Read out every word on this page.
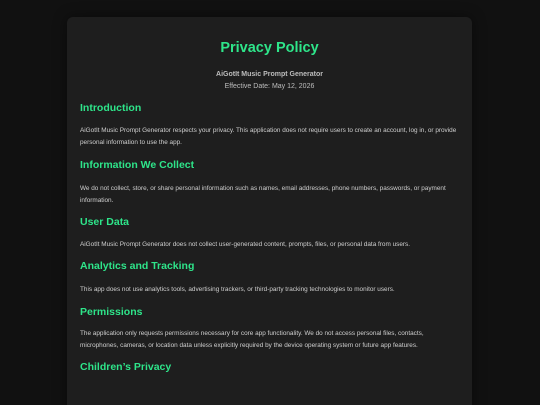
Privacy Policy
AiGotIt Music Prompt Generator
Effective Date: May 12, 2026
Introduction

AiGotIt Music Prompt Generator respects your privacy. This application does not require users to create an account, log in, or provide personal information to use the app.

Information We Collect

We do not collect, store, or share personal information such as names, email addresses, phone numbers, passwords, or payment information.

User Data

AiGotIt Music Prompt Generator does not collect user-generated content, prompts, files, or personal data from users.

Analytics and Tracking

This app does not use analytics tools, advertising trackers, or third-party tracking technologies to monitor users.

Permissions

The application only requests permissions necessary for core app functionality. We do not access personal files, contacts, microphones, cameras, or location data unless explicitly required by the device operating system or future app features.

Children’s Privacy
